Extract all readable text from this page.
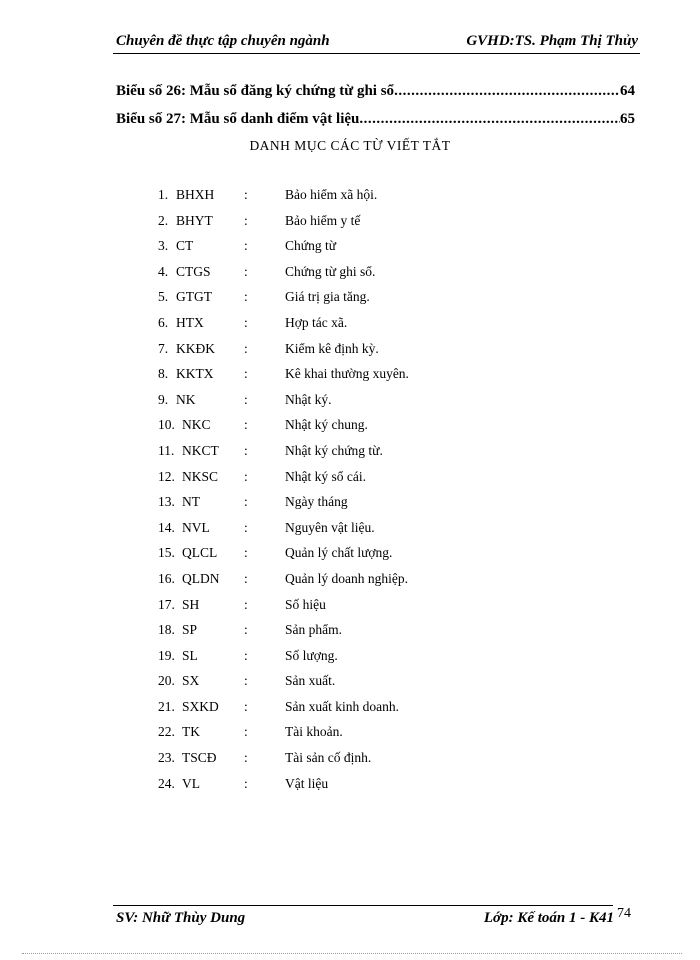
Chuyên đề thực tập chuyên ngành	GVHD:TS. Phạm Thị Thủy
Biểu số 26: Mẫu sổ đăng ký chứng từ ghi sổ .....	64
Biểu số 27: Mẫu sổ danh điểm vật liệu .....	65
DANH MỤC CÁC TỪ VIẾT TẮT
1. BHXH :	Bảo hiểm xã hội.
2. BHYT :	Bảo hiểm y tế
3. CT	:	Chứng từ
4. CTGS :	Chứng từ ghi sổ.
5. GTGT :	Giá trị gia tăng.
6. HTX	:	Hợp tác xã.
7. KKĐK :	Kiểm kê định kỳ.
8. KKTX :	Kê khai thường xuyên.
9. NK	:	Nhật ký.
10. NKC :	Nhật ký chung.
11. NKCT :	Nhật ký chứng từ.
12. NKSC :	Nhật ký sổ cái.
13. NT	:	Ngày tháng
14. NVL	:	Nguyên vật liệu.
15. QLCL :	Quản lý chất lượng.
16. QLDN :	Quản lý doanh nghiệp.
17. SH	:	Số hiệu
18. SP	:	Sản phẩm.
19. SL	:	Số lượng.
20. SX	:	Sản xuất.
21. SXKD :	Sản xuất kinh doanh.
22. TK	:	Tài khoản.
23. TSCĐ :	Tài sản cố định.
24. VL	:	Vật liệu
SV: Nhữ Thùy Dung	Lớp: Kế toán 1 - K41 74
